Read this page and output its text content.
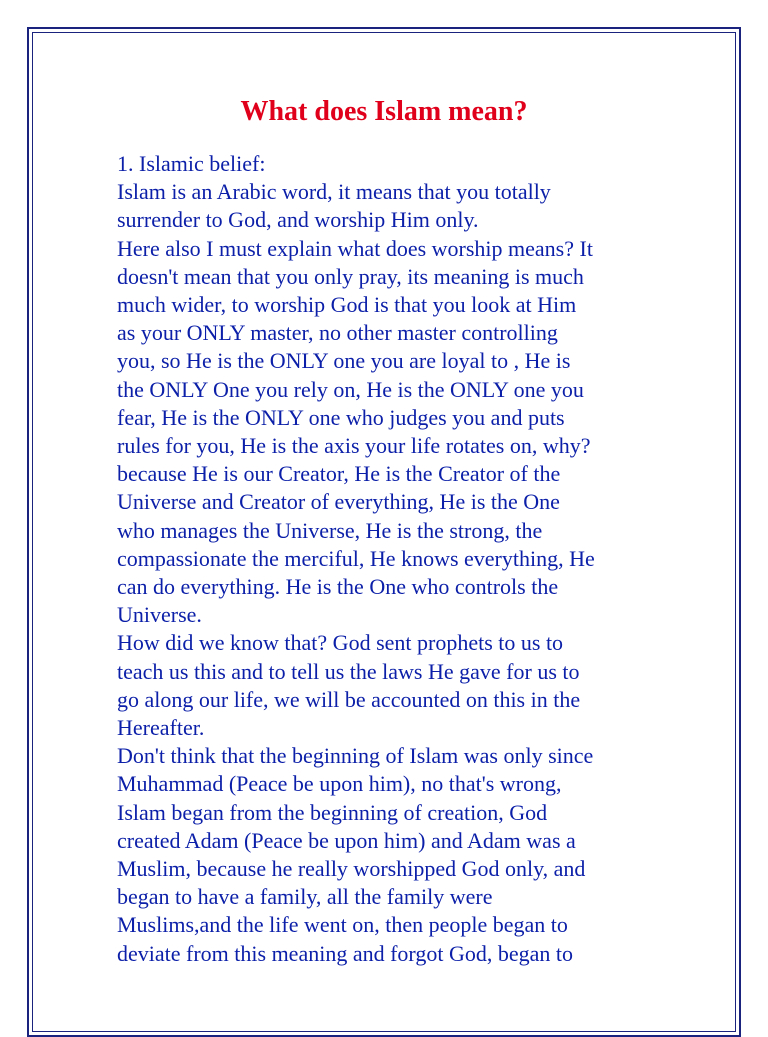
What does Islam mean?
1. Islamic belief:
Islam is an Arabic word, it means that you totally
surrender to God, and worship Him only.
Here also I must explain what does worship means? It
doesn't mean that you only pray, its meaning is much
much wider, to worship God is that you look at Him
as your ONLY master, no other master controlling
you, so He is the ONLY one you are loyal to , He is
the ONLY One you rely on, He is the ONLY one you
fear, He is the ONLY one who judges you and puts
rules for you, He is the axis your life rotates on, why?
because He is our Creator, He is the Creator of the
Universe and Creator of everything, He is the One
who manages the Universe, He is the strong, the
compassionate the merciful, He knows everything, He
can do everything. He is the One who controls the
Universe.
How did we know that? God sent prophets to us to
teach us this and to tell us the laws He gave for us to
go along our life, we will be accounted on this in the
Hereafter.
Don't think that the beginning of Islam was only since
Muhammad (Peace be upon him), no that's wrong,
Islam began from the beginning of creation, God
created Adam (Peace be upon him) and Adam was a
Muslim, because he really worshipped God only, and
began to have a family, all the family were
Muslims,and the life went on, then people began to
deviate from this meaning and forgot God, began to
